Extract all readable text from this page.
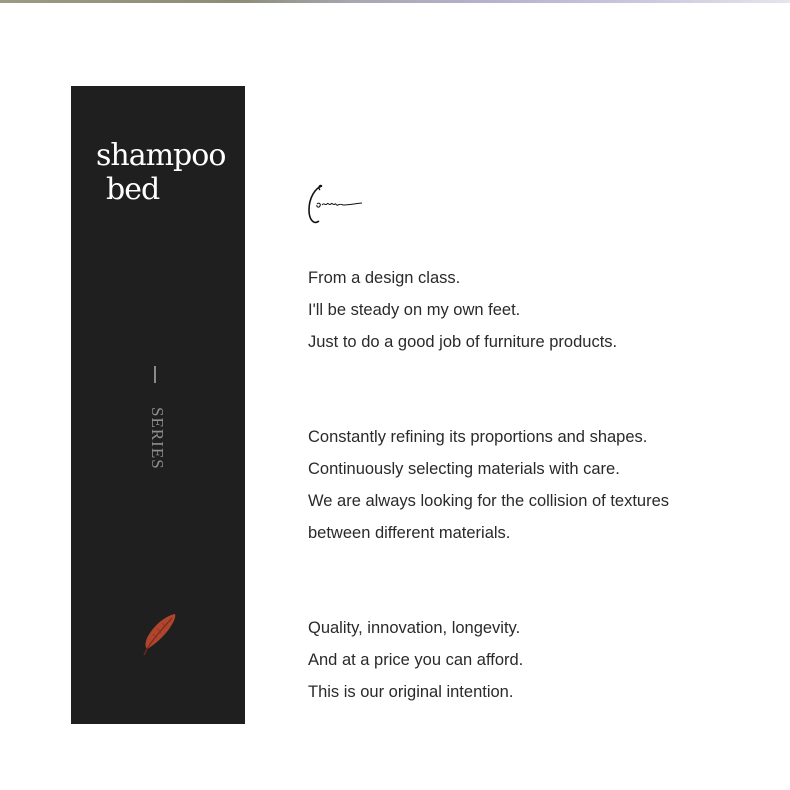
shampoo
bed
SERIES

From a design class.

I'll be steady on my own feet.

Just to do a good job of furniture products.

Constantly refining its proportions and shapes.

Continuously selecting materials with care.

We are always looking for the collision of textures

between different materials.

Quality, innovation, longevity.

And at a price you can afford.

This is our original intention.
